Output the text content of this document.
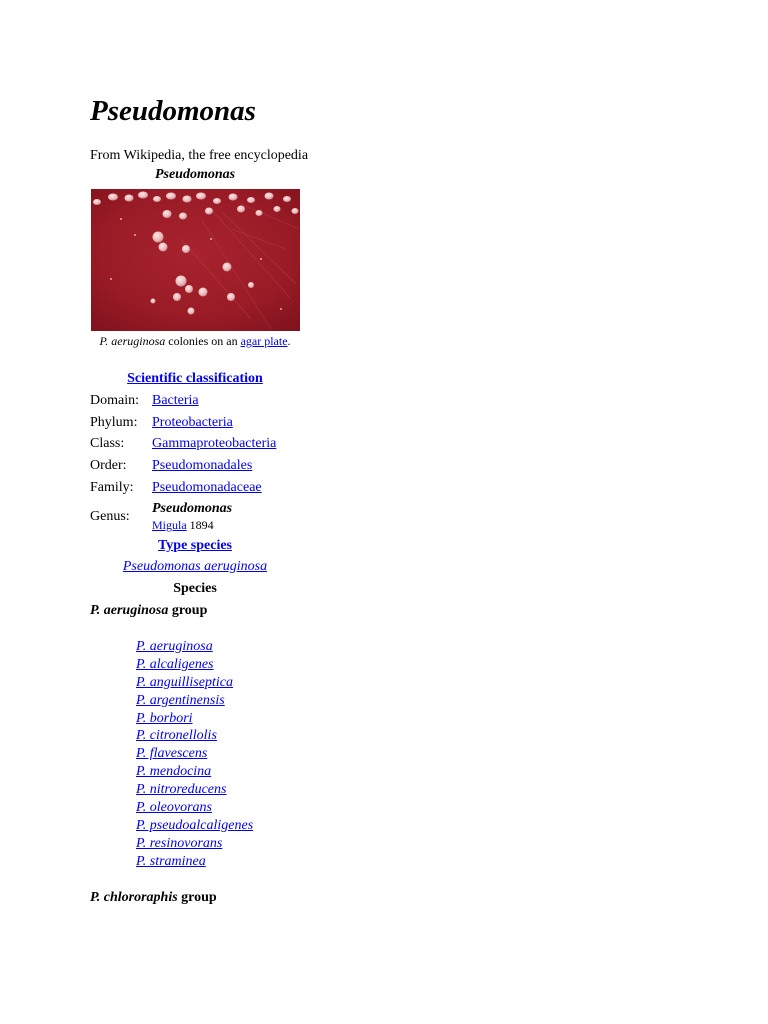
Pseudomonas
From Wikipedia, the free encyclopedia
Pseudomonas
P. aeruginosa colonies on an agar plate.
Scientific classification
Domain: Bacteria
Phylum: Proteobacteria
Class: Gammaproteobacteria
Order: Pseudomonadales
Family: Pseudomonadaceae
Genus:
Pseudomonas
Migula 1894
Type species
Pseudomonas aeruginosa
Species
P. aeruginosa group
P. aeruginosa
P. alcaligenes
P. anguilliseptica
P. argentinensis
P. borbori
P. citronellolis
P. flavescens
P. mendocina
P. nitroreducens
P. oleovorans
P. pseudoalcaligenes
P. resinovorans
P. straminea
P. chlororaphis group
